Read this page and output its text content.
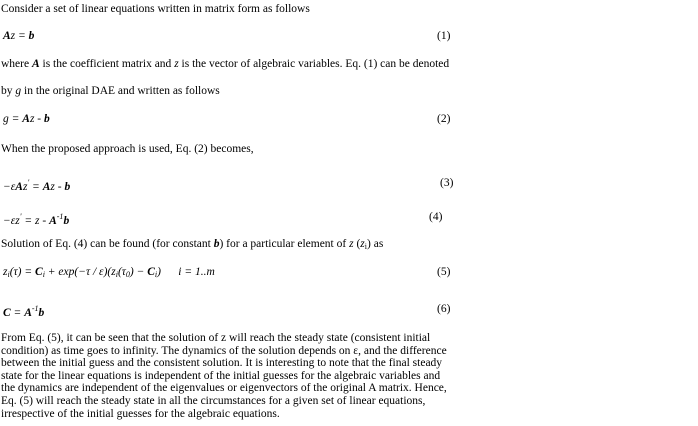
Consider a set of linear equations written in matrix form as follows
Az = b	(1)
where A is the coefficient matrix and z is the vector of algebraic variables. Eq. (1) can be denoted
by g in the original DAE and written as follows
g = Az - b	(2)
When the proposed approach is used, Eq. (2) becomes,
−εAz' = Az - b	(3)
$-\varepsilon z' = z - A^{-1}b$	(4)
Solution of Eq. (4) can be found (for constant b) for a particular element of z $(z_i)$ as
$z_i(\tau) = C_i + \exp(-\tau / \varepsilon)(z_i(\tau_0) - C_i)$      i = 1..m	(5)
$C = A^{-1}b$	(6)
From Eq. (5), it can be seen that the solution of z will reach the steady state (consistent initial
condition) as time goes to infinity. The dynamics of the solution depends on ε, and the difference
between the initial guess and the consistent solution. It is interesting to note that the final steady
state for the linear equations is independent of the initial guesses for the algebraic variables and
the dynamics are independent of the eigenvalues or eigenvectors of the original A matrix. Hence,
Eq. (5) will reach the steady state in all the circumstances for a given set of linear equations,
irrespective of the initial guesses for the algebraic equations.
